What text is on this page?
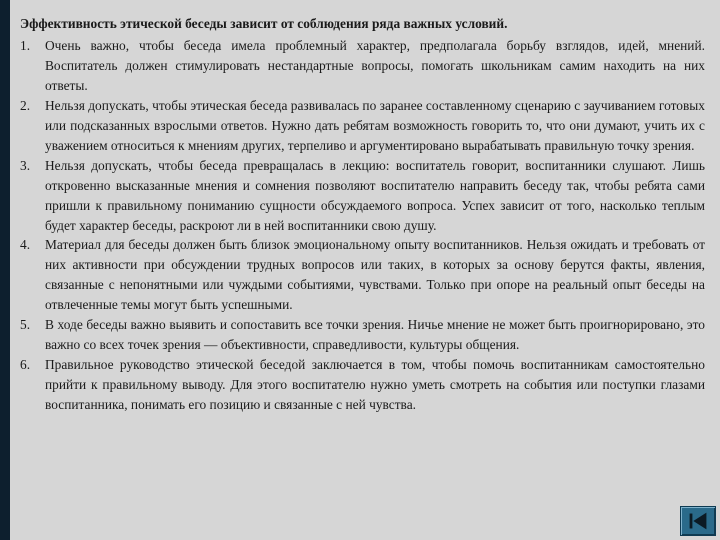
Эффективность этической беседы зависит от соблюдения ряда важных условий.

1. Очень важно, чтобы беседа имела проблемный характер, предполагала борьбу взглядов, идей, мнений. Воспитатель должен стимулировать нестандартные вопросы, помогать школьникам самим находить на них ответы.
2. Нельзя допускать, чтобы этическая беседа развивалась по заранее составленному сценарию с заучиванием готовых или подсказанных взрослыми ответов. Нужно дать ребятам возможность говорить то, что они думают, учить их с уважением относиться к мнениям других, терпеливо и аргументировано вырабатывать правильную точку зрения.
3. Нельзя допускать, чтобы беседа превращалась в лекцию: воспитатель говорит, воспитанники слушают. Лишь откровенно высказанные мнения и сомнения позволяют воспитателю направить беседу так, чтобы ребята сами пришли к правильному пониманию сущности обсуждаемого вопроса. Успех зависит от того, насколько теплым будет характер беседы, раскроют ли в ней воспитанники свою душу.
4. Материал для беседы должен быть близок эмоциональному опыту воспитанников. Нельзя ожидать и требовать от них активности при обсуждении трудных вопросов или таких, в которых за основу берутся факты, явления, связанные с непонятными или чуждыми событиями, чувствами. Только при опоре на реальный опыт беседы на отвлеченные темы могут быть успешными.
5. В ходе беседы важно выявить и сопоставить все точки зрения. Ничье мнение не может быть проигнорировано, это важно со всех точек зрения — объективности, справедливости, культуры общения.
6. Правильное руководство этической беседой заключается в том, чтобы помочь воспитанникам самостоятельно прийти к правильному выводу. Для этого воспитателю нужно уметь смотреть на события или поступки глазами воспитанника, понимать его позицию и связанные с ней чувства.
